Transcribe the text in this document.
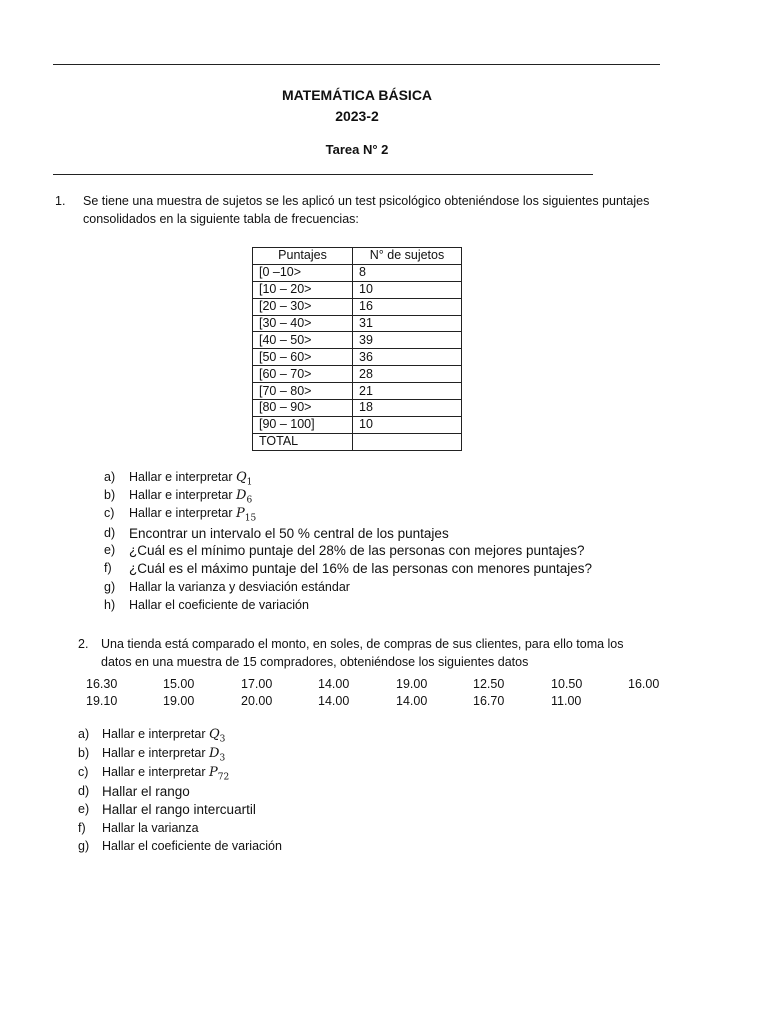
MATEMÁTICA BÁSICA
2023-2
Tarea N° 2
1. Se tiene una muestra de sujetos se les aplicó un test psicológico obteniéndose los siguientes puntajes
consolidados en la siguiente tabla de frecuencias:
Puntajes	N° de sujetos
[0 –10>	8
[10 – 20>	10
[20 – 30>	16
[30 – 40>	31
[40 – 50>	39
[50 – 60>	36
[60 – 70>	28
[70 – 80>	21
[80 – 90>	18
[90 – 100]	10
TOTAL	
a) Hallar e interpretar $Q_1$
b) Hallar e interpretar $D_6$
c) Hallar e interpretar $P_{15}$
d) Encontrar un intervalo el 50 % central de los puntajes
e) ¿Cuál es el mínimo puntaje del 28% de las personas con mejores puntajes?
f) ¿Cuál es el máximo puntaje del 16% de las personas con menores puntajes?
g) Hallar la varianza y desviación estándar
h) Hallar el coeficiente de variación
2. Una tienda está comparado el monto, en soles, de compras de sus clientes, para ello toma los
datos en una muestra de 15 compradores, obteniéndose los siguientes datos
16.30	15.00	17.00	14.00	19.00	12.50	10.50	16.00
19.10	19.00	20.00	14.00	14.00	16.70	11.00
a) Hallar e interpretar $Q_3$
b) Hallar e interpretar $D_3$
c) Hallar e interpretar $P_{72}$
d) Hallar el rango
e) Hallar el rango intercuartil
f) Hallar la varianza
g) Hallar el coeficiente de variación
